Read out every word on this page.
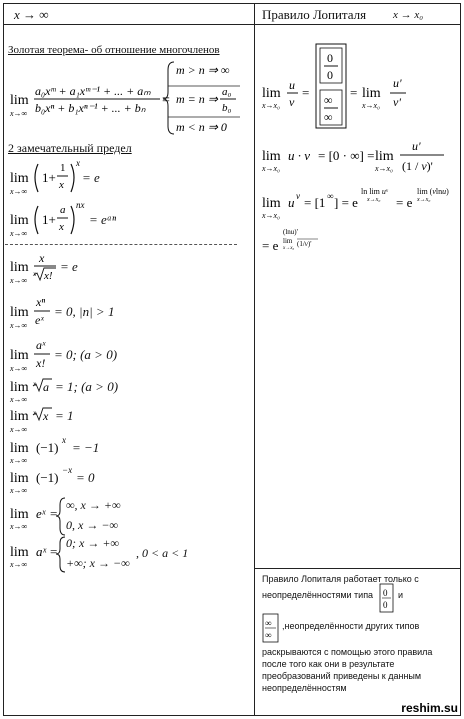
x → ∞	Правило Лопиталя x → x₀
Золотая теорема- об отношение многочленов
lim
x→∞
a₀xᵐ + a₁xᵐ⁻¹ + ... + aₘ
b₀xⁿ + b₁xⁿ⁻¹ + ... + bₙ =
m > n ⇒ ∞
m = n ⇒ a₀
b₀
m < n ⇒ 0
lim
x→∞
1+
1
x
x
lim
x→∞
1+
a
x
nx
lim
x→∞
x
x x!
lim
x→∞
xⁿ
eˣ
lim
x→∞
aˣ
x!
lim
x→∞
x a
lim
x→∞
x x
lim
x→∞
(−1) x
lim
x→∞
(−1) −x
lim
x→∞
eˣ =
lim
x→∞
aˣ =
lim
x→x₀
u
v
=
0
0
∞
∞
= lim
x→x₀
u'
v'
lim
x→x₀
u · v = [0 · ∞] = lim
x→x₀
u'
(1 / v)'
lim
x→x₀
u v = [1 ∞ ] = e
ln lim uᵛ
x→x₀ = e
lim (vlnu)
x→x₀
= e
(lnu)'
lim
x→x₀
(1/v)'
0
0
∞
∞
2 замечательный предел
= e
= eᵃⁿ
= e
= 0, |n| > 1
= 0; (a > 0)
= 1; (a > 0)
= 1
= −1
= 0
∞, x → +∞
0, x → −∞
0; x → +∞
+∞; x → −∞
, 0 < a < 1
Правило Лопиталя работает только с
неопределённостями типа	и
,неопределённости других типов
раскрываются с помощью этого правила
после того как они в результате
преобразований приведены к данным
неопределённостям
reshim.su
